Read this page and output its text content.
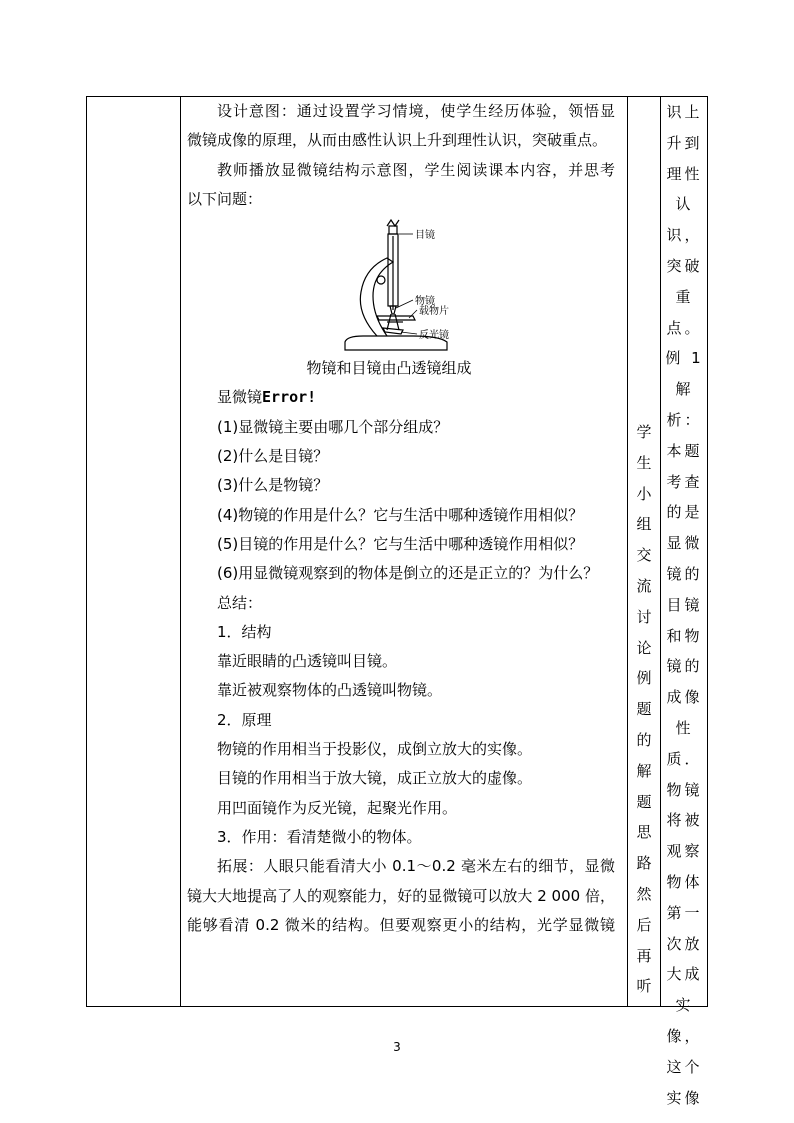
设计意图：通过设置学习情境，使学生经历体验，领悟显

微镜成像的原理，从而由感性认识上升到理性认识，突破重点。

教师播放显微镜结构示意图，学生阅读课本内容，并思考

以下问题：

目镜
物镜
载物片
反光镜

物镜和目镜由凸透镜组成

显微镜Error!

(1)显微镜主要由哪几个部分组成？

(2)什么是目镜？

(3)什么是物镜？

(4)物镜的作用是什么？它与生活中哪种透镜作用相似？

(5)目镜的作用是什么？它与生活中哪种透镜作用相似？

(6)用显微镜观察到的物体是倒立的还是正立的？为什么？

总结：

1．结构

靠近眼睛的凸透镜叫目镜。

靠近被观察物体的凸透镜叫物镜。

2．原理

物镜的作用相当于投影仪，成倒立放大的实像。

目镜的作用相当于放大镜，成正立放大的虚像。

用凹面镜作为反光镜，起聚光作用。

3．作用：看清楚微小的物体。

拓展：人眼只能看清大小 0.1～0.2 毫米左右的细节，显微

镜大大地提高了人的观察能力，好的显微镜可以放大 2 000 倍，

能够看清 0.2 微米的结构。但要观察更小的结构，光学显微镜

学
生
小
组
交
流
讨
论
例
题
的
解
题
思
路
然
后
再
听
识上
升到
理性
认识，
突破
重点。
例 1
解析：
本题
考查
的是
显微
镜的
目镜
和物
镜的
成像
性
质．
物镜
将被
观察
物体
第一
次放
大成
实像，
这个
实像
3
